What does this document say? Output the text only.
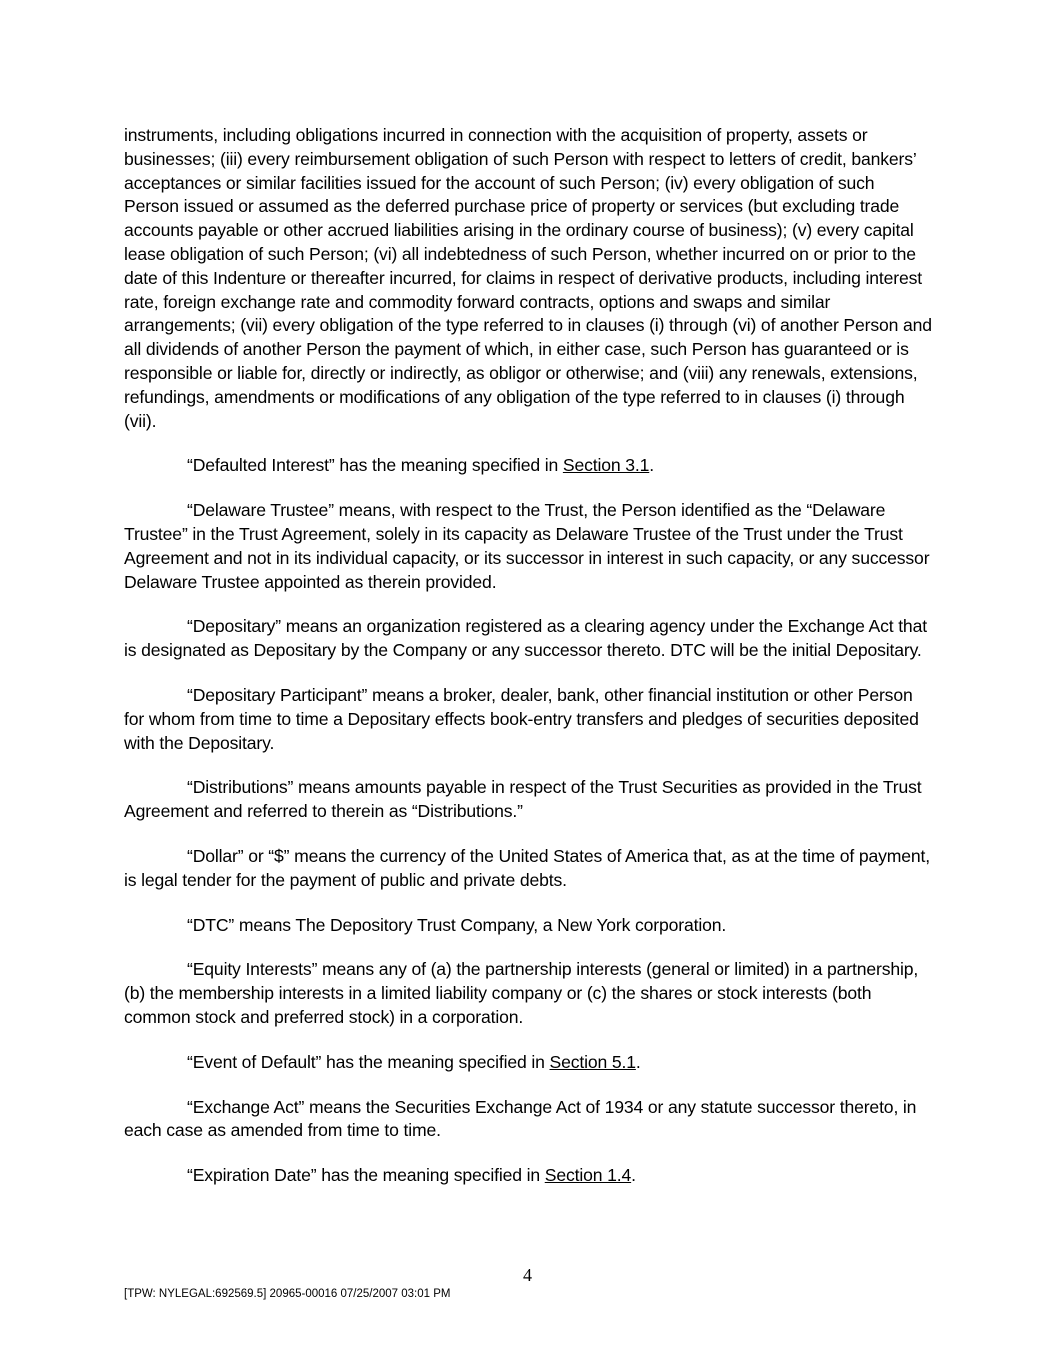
instruments, including obligations incurred in connection with the acquisition of property, assets or businesses; (iii) every reimbursement obligation of such Person with respect to letters of credit, bankers’ acceptances or similar facilities issued for the account of such Person; (iv) every obligation of such Person issued or assumed as the deferred purchase price of property or services (but excluding trade accounts payable or other accrued liabilities arising in the ordinary course of business); (v) every capital lease obligation of such Person; (vi) all indebtedness of such Person, whether incurred on or prior to the date of this Indenture or thereafter incurred, for claims in respect of derivative products, including interest rate, foreign exchange rate and commodity forward contracts, options and swaps and similar arrangements; (vii) every obligation of the type referred to in clauses (i) through (vi) of another Person and all dividends of another Person the payment of which, in either case, such Person has guaranteed or is responsible or liable for, directly or indirectly, as obligor or otherwise; and (viii) any renewals, extensions, refundings, amendments or modifications of any obligation of the type referred to in clauses (i) through (vii).

“Defaulted Interest” has the meaning specified in Section 3.1.

“Delaware Trustee” means, with respect to the Trust, the Person identified as the “Delaware Trustee” in the Trust Agreement, solely in its capacity as Delaware Trustee of the Trust under the Trust Agreement and not in its individual capacity, or its successor in interest in such capacity, or any successor Delaware Trustee appointed as therein provided.

“Depositary” means an organization registered as a clearing agency under the Exchange Act that is designated as Depositary by the Company or any successor thereto. DTC will be the initial Depositary.

“Depositary Participant” means a broker, dealer, bank, other financial institution or other Person for whom from time to time a Depositary effects book-entry transfers and pledges of securities deposited with the Depositary.

“Distributions” means amounts payable in respect of the Trust Securities as provided in the Trust Agreement and referred to therein as “Distributions.”

“Dollar” or “$” means the currency of the United States of America that, as at the time of payment, is legal tender for the payment of public and private debts.

“DTC” means The Depository Trust Company, a New York corporation.

“Equity Interests” means any of (a) the partnership interests (general or limited) in a partnership, (b) the membership interests in a limited liability company or (c) the shares or stock interests (both common stock and preferred stock) in a corporation.

“Event of Default” has the meaning specified in Section 5.1.

“Exchange Act” means the Securities Exchange Act of 1934 or any statute successor thereto, in each case as amended from time to time.

“Expiration Date” has the meaning specified in Section 1.4.

4
[TPW: NYLEGAL:692569.5] 20965-00016 07/25/2007 03:01 PM
